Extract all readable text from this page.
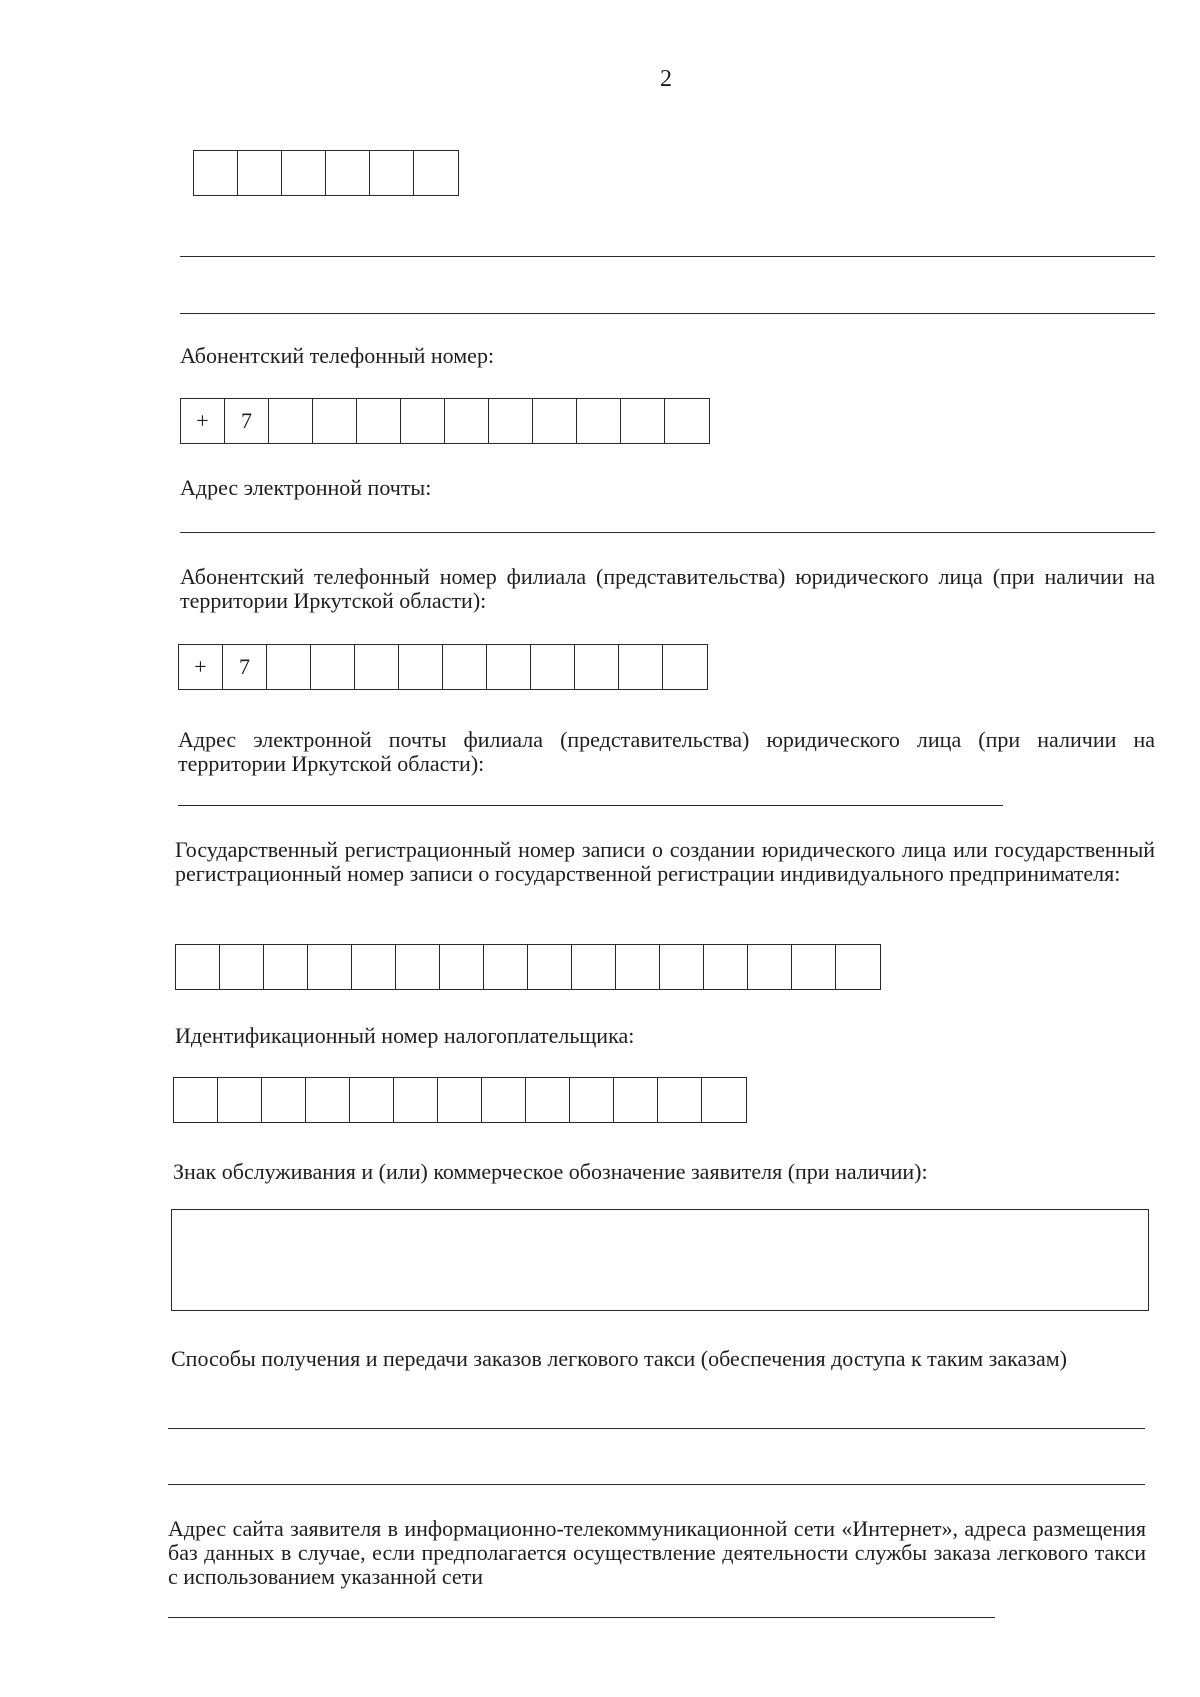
2
Абонентский телефонный номер:
+	7
Адрес электронной почты:
Абонентский телефонный номер филиала (представительства) юридического лица (при наличии на территории Иркутской области):
+	7
Адрес электронной почты филиала (представительства) юридического лица (при наличии на территории Иркутской области):
Государственный регистрационный номер записи о создании юридического лица или государственный регистрационный номер записи о государственной регистрации индивидуального предпринимателя:
Идентификационный номер налогоплательщика:
Знак обслуживания и (или) коммерческое обозначение заявителя (при наличии):
Способы получения и передачи заказов легкового такси (обеспечения доступа к таким заказам)
Адрес сайта заявителя в информационно-телекоммуникационной сети «Интернет», адреса размещения баз данных в случае, если предполагается осуществление деятельности службы заказа легкового такси с использованием указанной сети
